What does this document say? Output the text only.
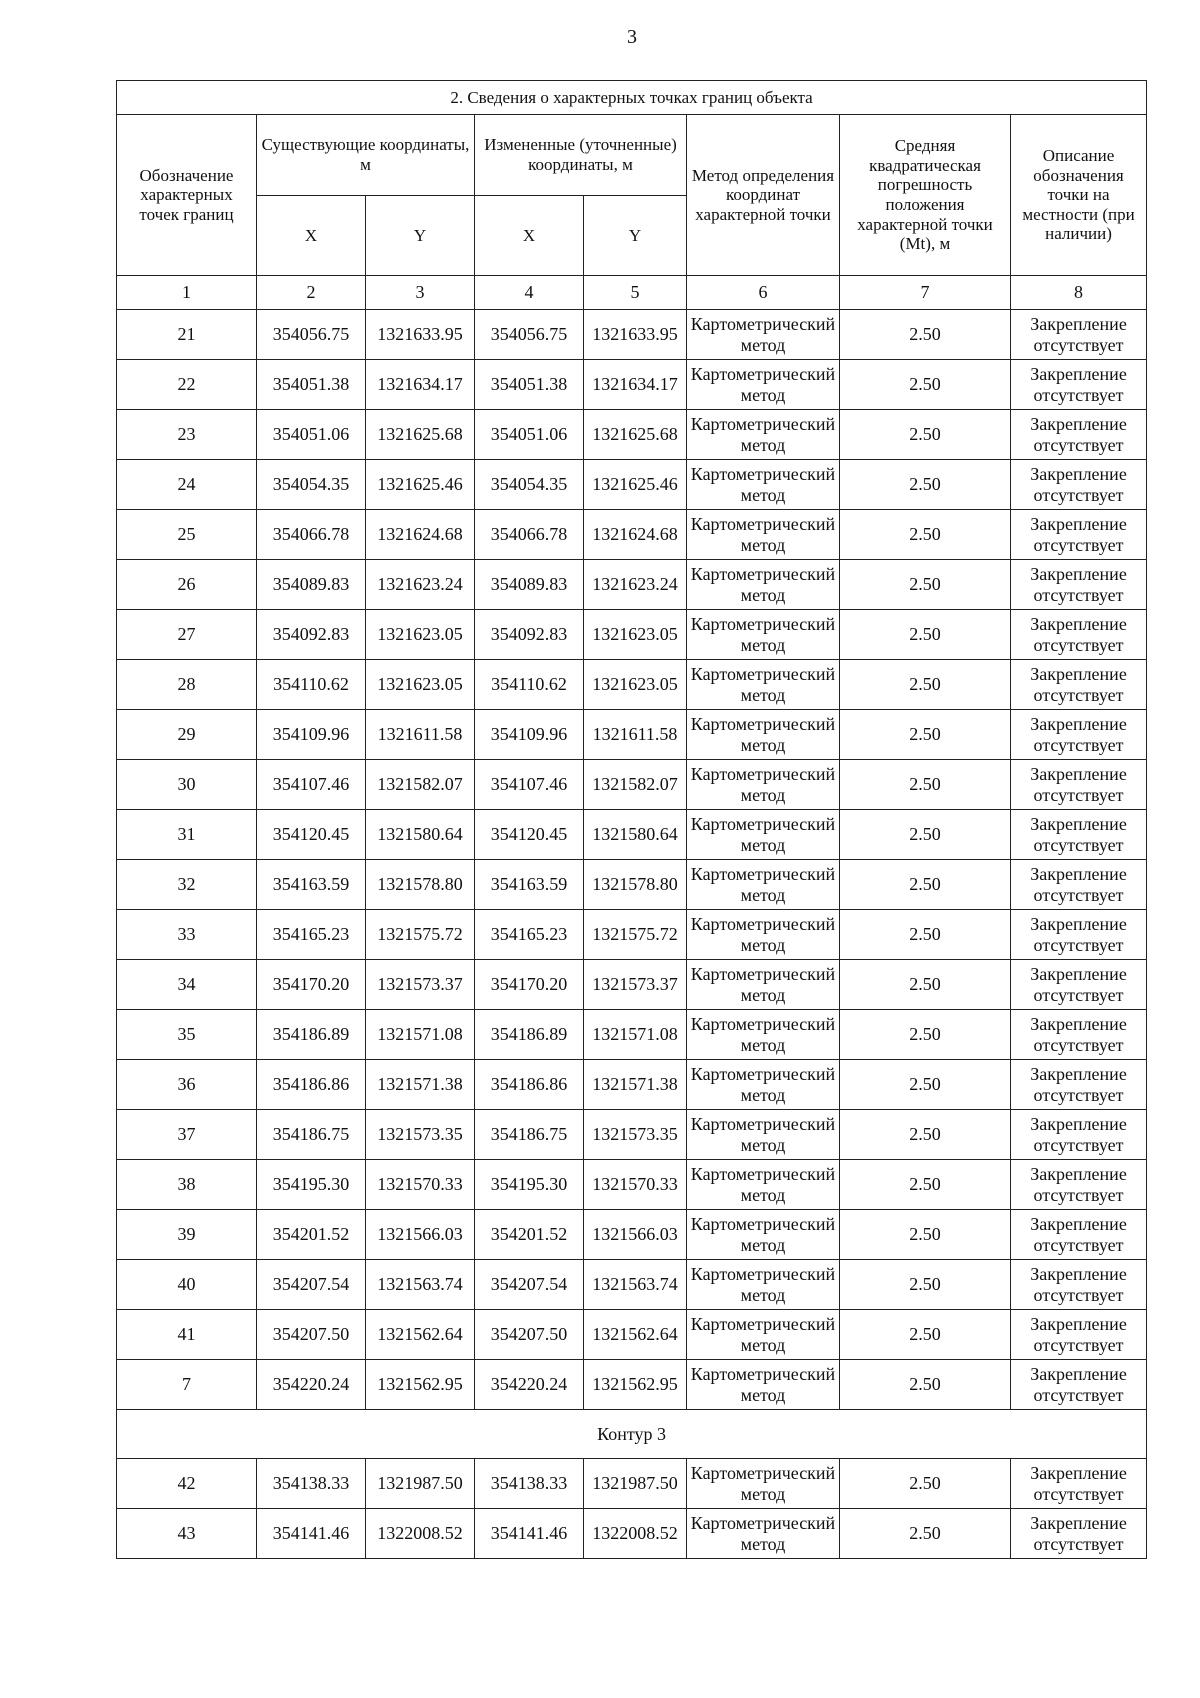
3
2. Сведения о характерных точках границ объекта							
Обозначение характерных точек границ	Существующие координаты, м		Измененные (уточненные) координаты, м		Метод определения координат характерной точки	Средняя квадратическая погрешность положения характерной точки (Mt), м	Описание обозначения точки на местности (при наличии)
	X	Y	X	Y			
1	2	3	4	5	6	7	8
21	354056.75	1321633.95	354056.75	1321633.95	Картометрический метод	2.50	Закрепление отсутствует
22	354051.38	1321634.17	354051.38	1321634.17	Картометрический метод	2.50	Закрепление отсутствует
23	354051.06	1321625.68	354051.06	1321625.68	Картометрический метод	2.50	Закрепление отсутствует
24	354054.35	1321625.46	354054.35	1321625.46	Картометрический метод	2.50	Закрепление отсутствует
25	354066.78	1321624.68	354066.78	1321624.68	Картометрический метод	2.50	Закрепление отсутствует
26	354089.83	1321623.24	354089.83	1321623.24	Картометрический метод	2.50	Закрепление отсутствует
27	354092.83	1321623.05	354092.83	1321623.05	Картометрический метод	2.50	Закрепление отсутствует
28	354110.62	1321623.05	354110.62	1321623.05	Картометрический метод	2.50	Закрепление отсутствует
29	354109.96	1321611.58	354109.96	1321611.58	Картометрический метод	2.50	Закрепление отсутствует
30	354107.46	1321582.07	354107.46	1321582.07	Картометрический метод	2.50	Закрепление отсутствует
31	354120.45	1321580.64	354120.45	1321580.64	Картометрический метод	2.50	Закрепление отсутствует
32	354163.59	1321578.80	354163.59	1321578.80	Картометрический метод	2.50	Закрепление отсутствует
33	354165.23	1321575.72	354165.23	1321575.72	Картометрический метод	2.50	Закрепление отсутствует
34	354170.20	1321573.37	354170.20	1321573.37	Картометрический метод	2.50	Закрепление отсутствует
35	354186.89	1321571.08	354186.89	1321571.08	Картометрический метод	2.50	Закрепление отсутствует
36	354186.86	1321571.38	354186.86	1321571.38	Картометрический метод	2.50	Закрепление отсутствует
37	354186.75	1321573.35	354186.75	1321573.35	Картометрический метод	2.50	Закрепление отсутствует
38	354195.30	1321570.33	354195.30	1321570.33	Картометрический метод	2.50	Закрепление отсутствует
39	354201.52	1321566.03	354201.52	1321566.03	Картометрический метод	2.50	Закрепление отсутствует
40	354207.54	1321563.74	354207.54	1321563.74	Картометрический метод	2.50	Закрепление отсутствует
41	354207.50	1321562.64	354207.50	1321562.64	Картометрический метод	2.50	Закрепление отсутствует
7	354220.24	1321562.95	354220.24	1321562.95	Картометрический метод	2.50	Закрепление отсутствует
Контур 3							
42	354138.33	1321987.50	354138.33	1321987.50	Картометрический метод	2.50	Закрепление отсутствует
43	354141.46	1322008.52	354141.46	1322008.52	Картометрический метод	2.50	Закрепление отсутствует
